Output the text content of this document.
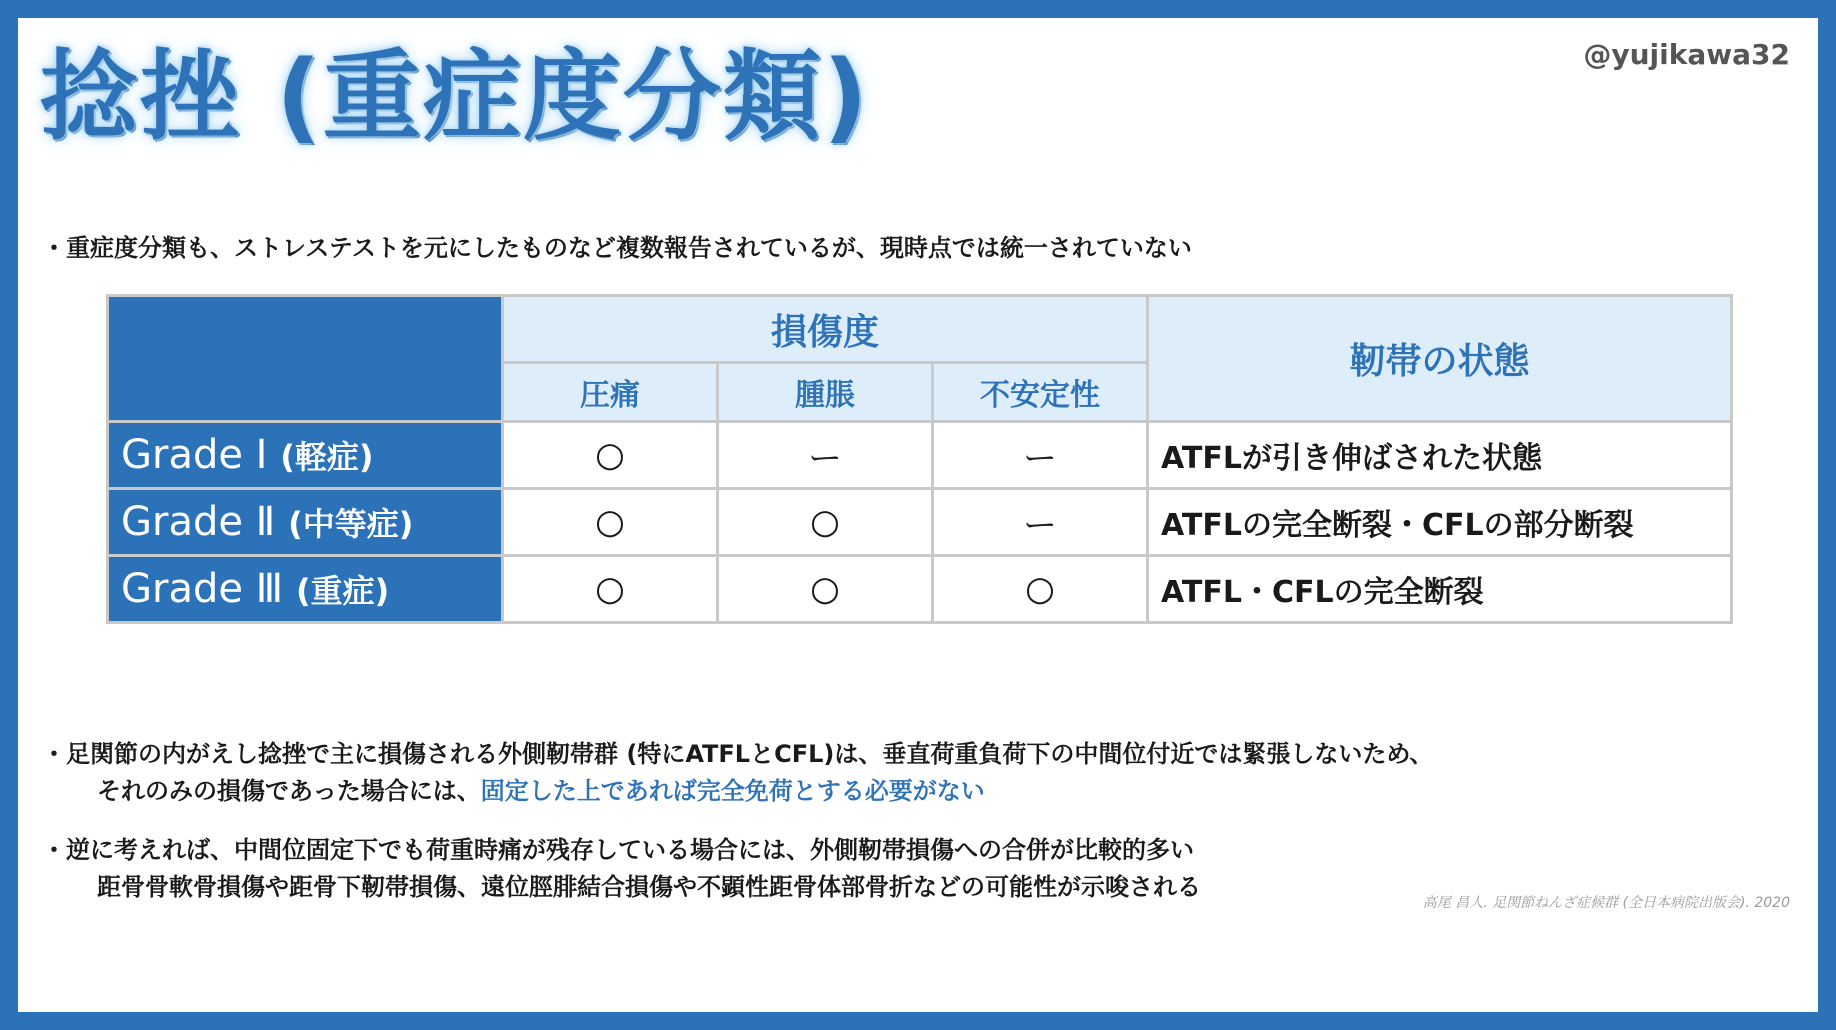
捻挫 (重症度分類)	@yujikawa32
・重症度分類も、ストレステストを元にしたものなど複数報告されているが、現時点では統一されていない
	損傷度			靭帯の状態
	圧痛	腫脹	不安定性	
Grade Ⅰ (軽症)	○	ー	ー	ATFLが引き伸ばされた状態
Grade Ⅱ (中等症)	○	○	ー	ATFLの完全断裂・CFLの部分断裂
Grade Ⅲ (重症)	○	○	○	ATFL・CFLの完全断裂
・足関節の内がえし捻挫で主に損傷される外側靭帯群 (特にATFLとCFL)は、垂直荷重負荷下の中間位付近では緊張しないため、
それのみの損傷であった場合には、固定した上であれば完全免荷とする必要がない
・逆に考えれば、中間位固定下でも荷重時痛が残存している場合には、外側靭帯損傷への合併が比較的多い
距骨骨軟骨損傷や距骨下靭帯損傷、遠位脛腓結合損傷や不顕性距骨体部骨折などの可能性が示唆される
高尾 昌人. 足関節ねんざ症候群 (全日本病院出版会). 2020
